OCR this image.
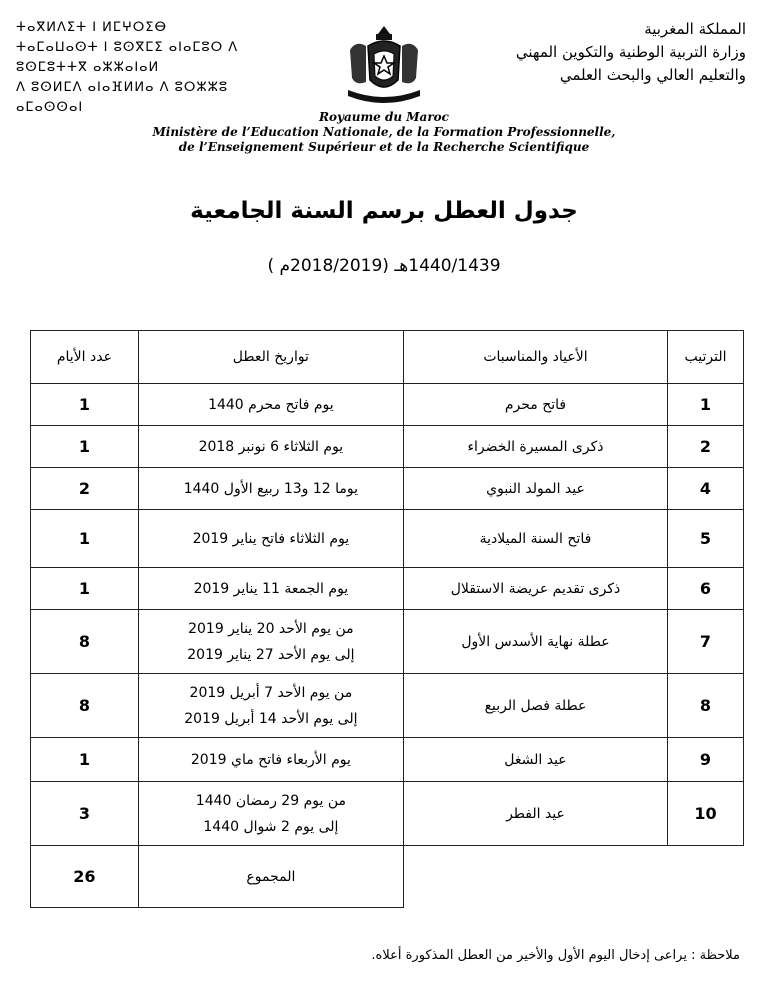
ⵜⴰⴳⵍⴷⵉⵜ ⵏ ⵍⵎⵖⵔⵉⴱ
ⵜⴰⵎⴰⵡⴰⵙⵜ ⵏ ⵓⵙⴳⵎⵉ ⴰⵏⴰⵎⵓⵔ ⴷ ⵓⵙⵎⵓⵜⵜⴳ ⴰⵣⵣⴰⵏⴰⵍ
ⴷ ⵓⵙⵍⵎⴷ ⴰⵏⴰⴼⵍⵍⴰ ⴷ ⵓⵔⵣⵣⵓ ⴰⵎⴰⵙⵙⴰⵏ
المملكة المغربية
وزارة التربية الوطنية والتكوين المهني
والتعليم العالي والبحث العلمي
Royaume du Maroc
Ministère de l’Education Nationale, de la Formation Professionnelle,
de l’Enseignement Supérieur et de la Recherche Scientifique
جدول العطل برسم السنة الجامعية
1440/1439هـ (2018/2019م )
عدد الأيام	تواريخ العطل	الأعياد والمناسبات	الترتيب
1	يوم فاتح محرم 1440	فاتح محرم	1
1	يوم الثلاثاء 6 نونبر 2018	ذكرى المسيرة الخضراء	2
2	يوما 12 و13 ربيع الأول 1440	عيد المولد النبوي	4
1	يوم الثلاثاء فاتح يناير 2019	فاتح السنة الميلادية	5
1	يوم الجمعة 11 يناير 2019	ذكرى تقديم عريضة الاستقلال	6
8	من يوم الأحد 20 يناير 2019
إلى يوم الأحد 27 يناير 2019	عطلة نهاية الأسدس الأول	7
8	من يوم الأحد 7 أبريل 2019
إلى يوم الأحد 14 أبريل 2019	عطلة فصل الربيع	8
1	يوم الأربعاء فاتح ماي 2019	عيد الشغل	9
3	من يوم 29 رمضان 1440
إلى يوم 2 شوال 1440	عيد الفطر	10
26	المجموع		
ملاحظة : يراعى إدخال اليوم الأول والأخير من العطل المذكورة أعلاه.
